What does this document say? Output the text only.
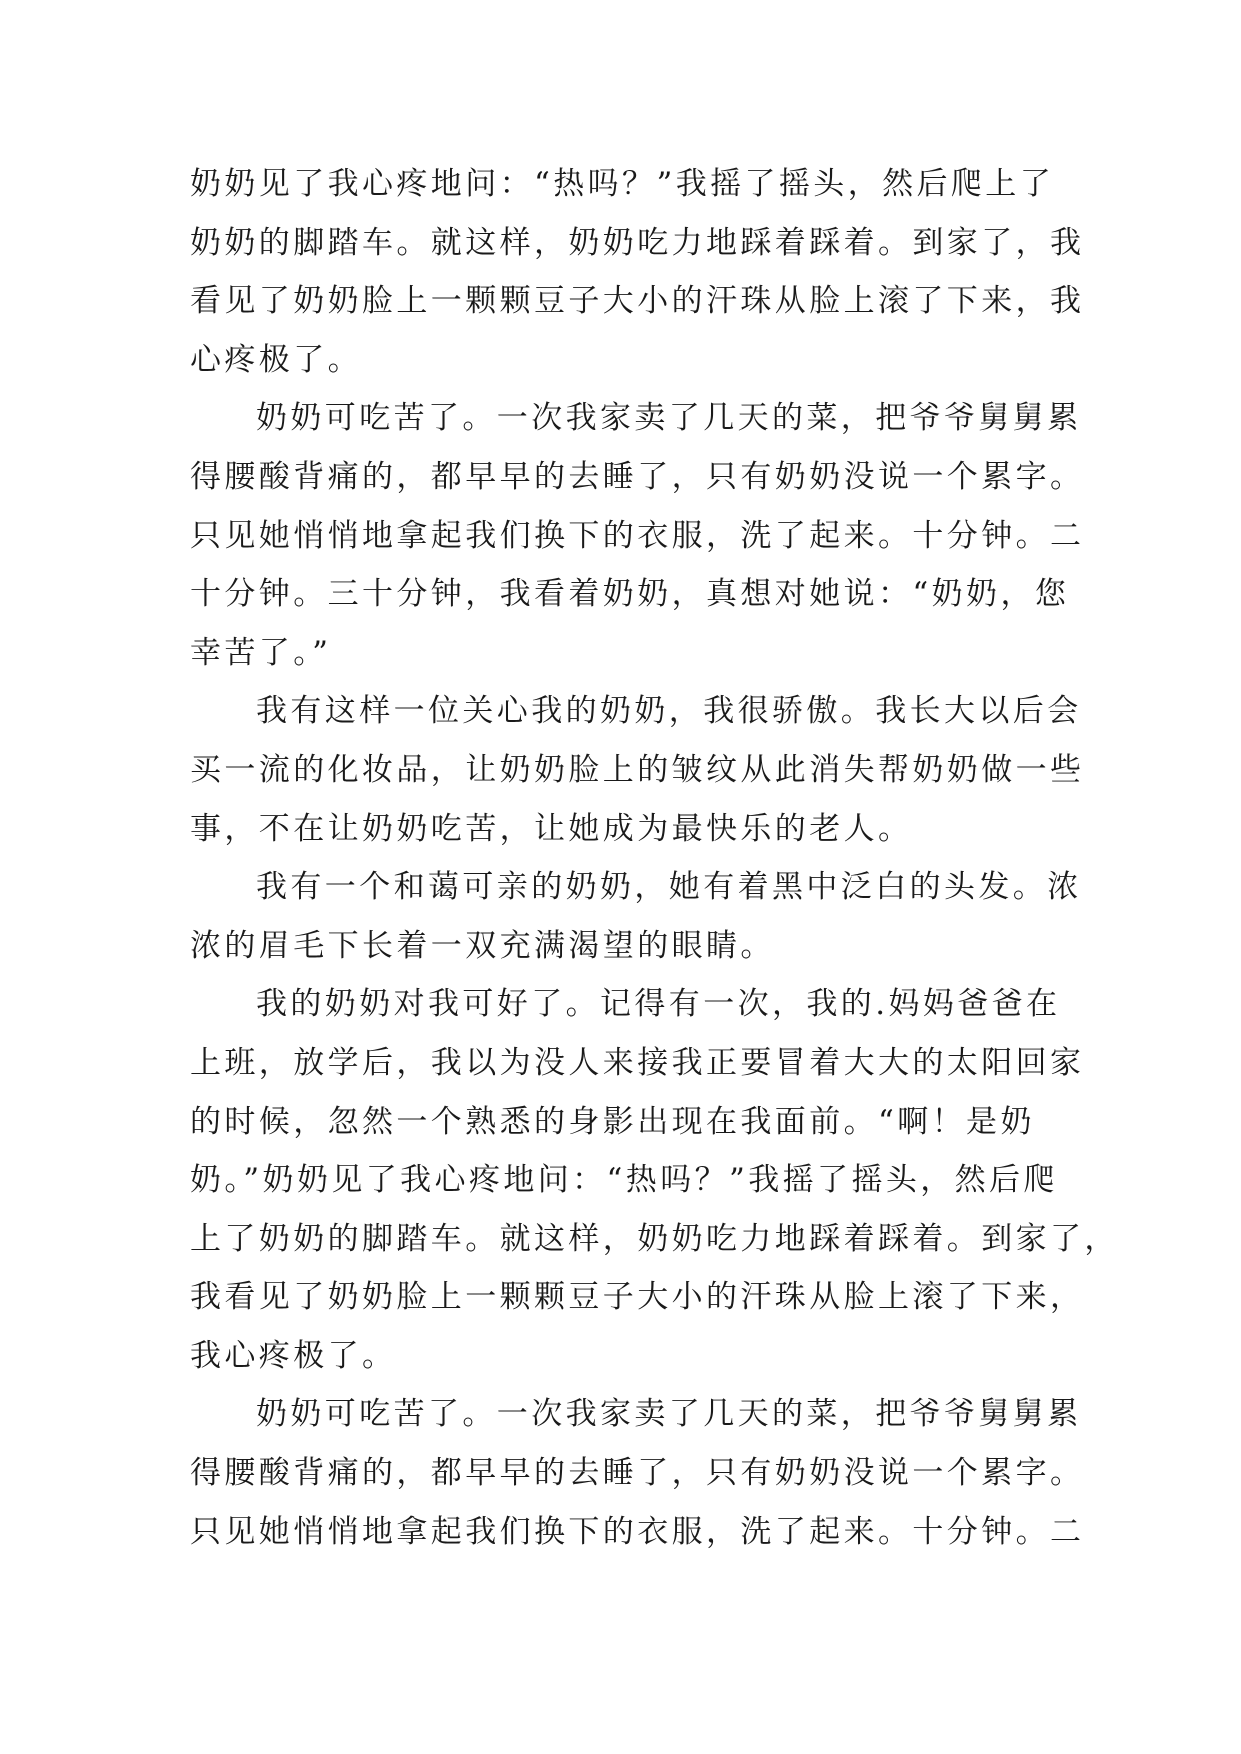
奶奶见了我心疼地问：“热吗？”我摇了摇头，然后爬上了
奶奶的脚踏车。就这样，奶奶吃力地踩着踩着。到家了，我
看见了奶奶脸上一颗颗豆子大小的汗珠从脸上滚了下来，我
心疼极了。
奶奶可吃苦了。一次我家卖了几天的菜，把爷爷舅舅累
得腰酸背痛的，都早早的去睡了，只有奶奶没说一个累字。
只见她悄悄地拿起我们换下的衣服，洗了起来。十分钟。二
十分钟。三十分钟，我看着奶奶，真想对她说：“奶奶，您
幸苦了。”
我有这样一位关心我的奶奶，我很骄傲。我长大以后会
买一流的化妆品，让奶奶脸上的皱纹从此消失帮奶奶做一些
事，不在让奶奶吃苦，让她成为最快乐的老人。
我有一个和蔼可亲的奶奶，她有着黑中泛白的头发。浓
浓的眉毛下长着一双充满渴望的眼睛。
我的奶奶对我可好了。记得有一次，我的.妈妈爸爸在
上班，放学后，我以为没人来接我正要冒着大大的太阳回家
的时候，忽然一个熟悉的身影出现在我面前。“啊！是奶
奶。”奶奶见了我心疼地问：“热吗？”我摇了摇头，然后爬
上了奶奶的脚踏车。就这样，奶奶吃力地踩着踩着。到家了，
我看见了奶奶脸上一颗颗豆子大小的汗珠从脸上滚了下来，
我心疼极了。
奶奶可吃苦了。一次我家卖了几天的菜，把爷爷舅舅累
得腰酸背痛的，都早早的去睡了，只有奶奶没说一个累字。
只见她悄悄地拿起我们换下的衣服，洗了起来。十分钟。二
